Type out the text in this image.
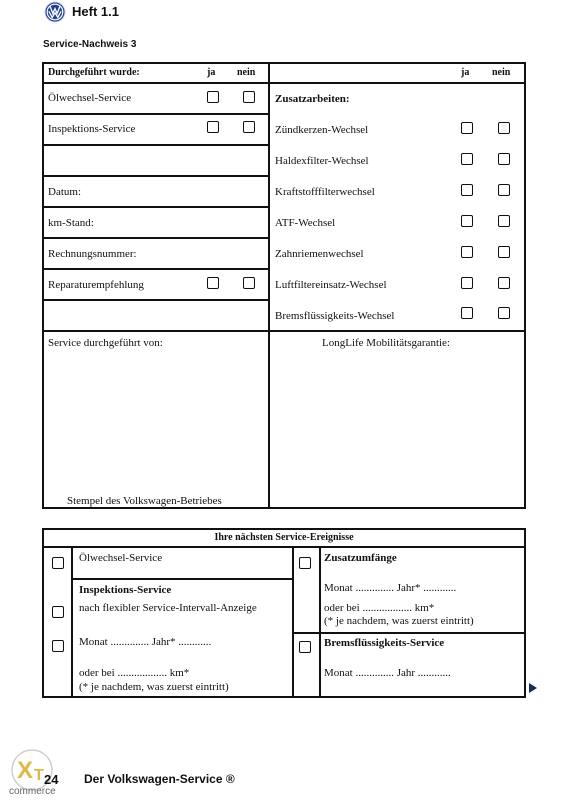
Heft 1.1
Service-Nachweis 3
Durchgeführt wurde:	ja nein
Ölwechsel-Service
Inspektions-Service
Datum:
km-Stand:
Rechnungsnummer:
Reparaturempfehlung
Service durchgeführt von:
Stempel des Volkswagen-Betriebes
ja nein
Zusatzarbeiten:
Zündkerzen-Wechsel
Haldexfilter-Wechsel
Kraftstofffilterwechsel
ATF-Wechsel
Zahnriemenwechsel
Luftfiltereinsatz-Wechsel
Bremsflüssigkeits-Wechsel
LongLife Mobilitätsgarantie:
Ihre nächsten Service-Ereignisse
Ölwechsel-Service
Inspektions-Service
nach flexibler Service-Intervall-Anzeige
Monat .............. Jahr* ............
oder bei .................. km*
(* je nachdem, was zuerst eintritt)
Zusatzumfänge
Monat .............. Jahr* ............
oder bei .................. km*
(* je nachdem, was zuerst eintritt)
Bremsflüssigkeits-Service
Monat .............. Jahr ............
X T
commerce
24 Der Volkswagen-Service ®
